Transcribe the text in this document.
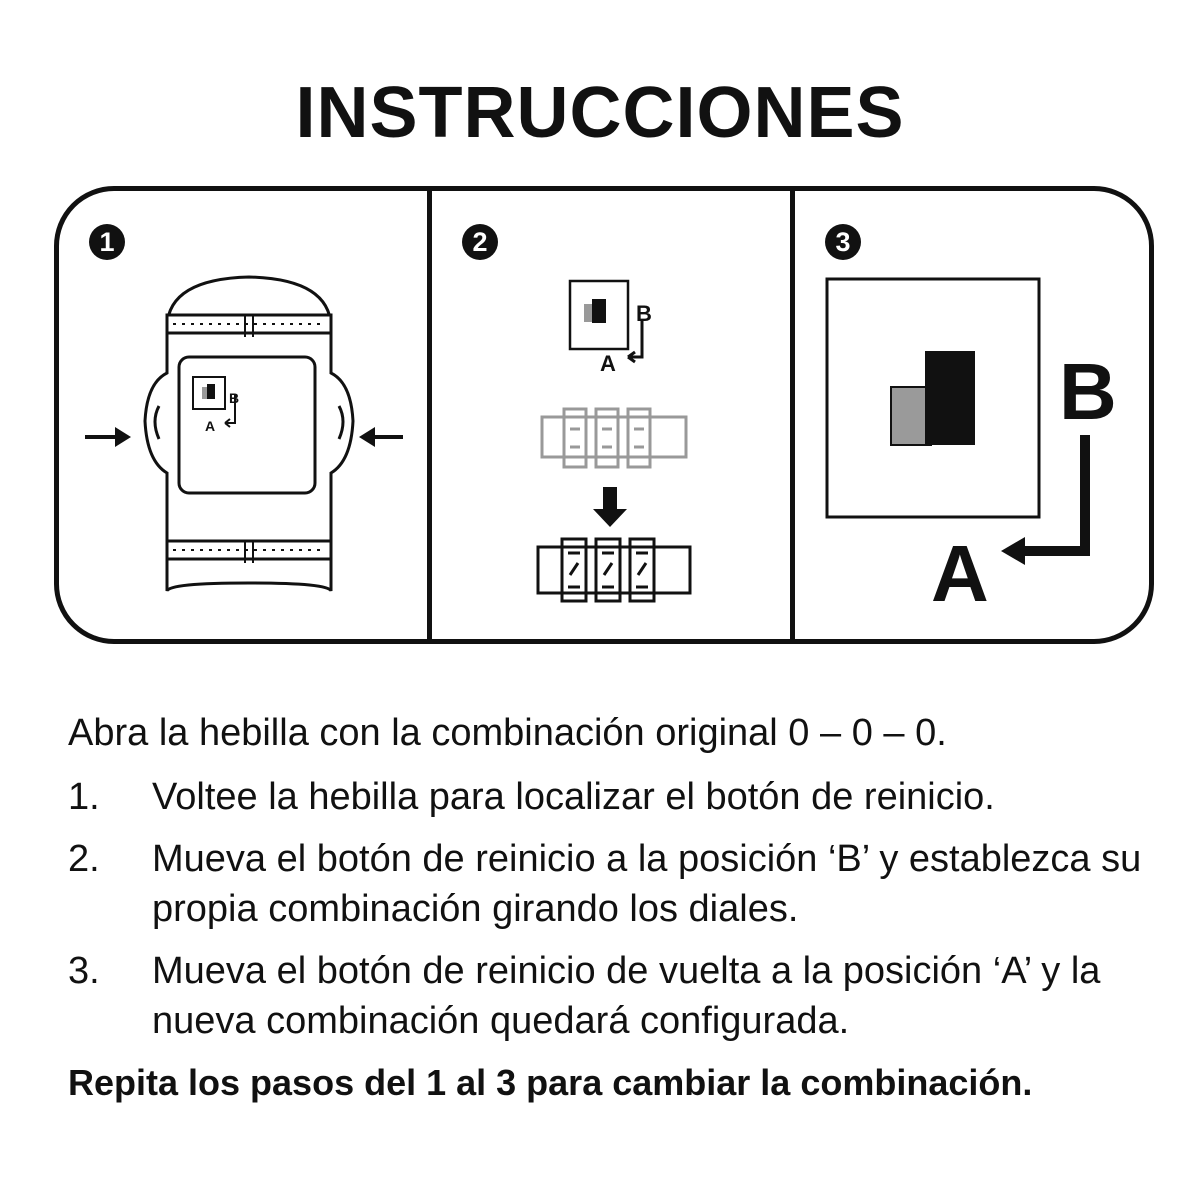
INSTRUCCIONES
1
B
A
2
B
A
3
B
A

Abra la hebilla con la combinación original 0 – 0 – 0.

1. Voltee la hebilla para localizar el botón de reinicio.
2. Mueva el botón de reinicio a la posición ‘B’ y establezca su propia combinación girando los diales.
3. Mueva el botón de reinicio de vuelta a la posición ‘A’ y la nueva combinación quedará configurada.

Repita los pasos del 1 al 3 para cambiar la combinación.
